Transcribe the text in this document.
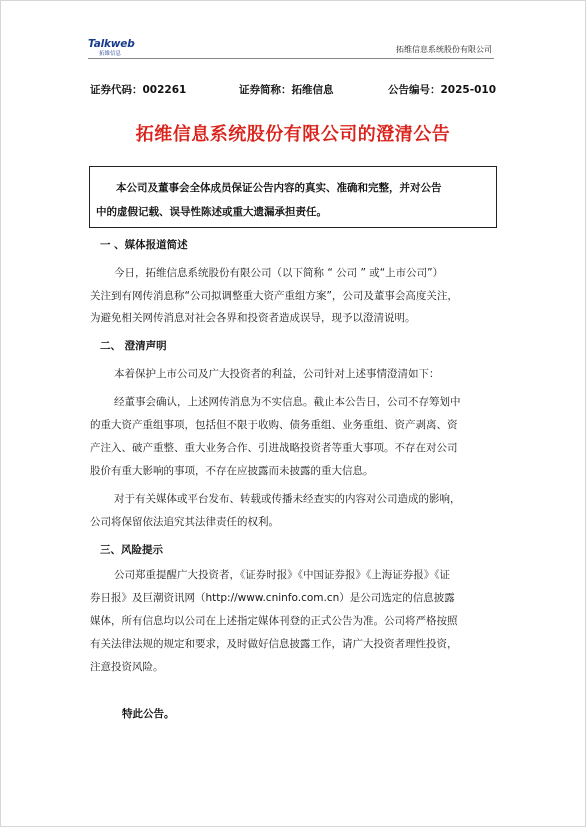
Talkweb
拓維信息	拓维信息系统股份有限公司
证券代码：002261	证券简称：拓维信息	公告编号：2025-010
拓维信息系统股份有限公司的澄清公告
本公司及董事会全体成员保证公告内容的真实、准确和完整，并对公告
中的虚假记载、误导性陈述或重大遗漏承担责任。
一 、媒体报道简述
今日，拓维信息系统股份有限公司（以下简称 “ 公司 ” 或“上市公司”）
关注到有网传消息称“公司拟调整重大资产重组方案”，公司及董事会高度关注，
为避免相关网传消息对社会各界和投资者造成误导，现予以澄清说明。
二、 澄清声明
本着保护上市公司及广大投资者的利益，公司针对上述事情澄清如下：
经董事会确认，上述网传消息为不实信息。截止本公告日，公司不存筹划中
的重大资产重组事项，包括但不限于收购、债务重组、业务重组、资产剥离、资
产注入、破产重整、重大业务合作、引进战略投资者等重大事项。不存在对公司
股价有重大影响的事项，不存在应披露而未披露的重大信息。
对于有关媒体或平台发布、转载或传播未经查实的内容对公司造成的影响，
公司将保留依法追究其法律责任的权利。
三、风险提示
公司郑重提醒广大投资者，《证券时报》《中国证券报》《上海证券报》《证
券日报》及巨潮资讯网（http://www.cninfo.com.cn）是公司选定的信息披露
媒体，所有信息均以公司在上述指定媒体刊登的正式公告为准。公司将严格按照
有关法律法规的规定和要求，及时做好信息披露工作，请广大投资者理性投资，
注意投资风险。
特此公告。
